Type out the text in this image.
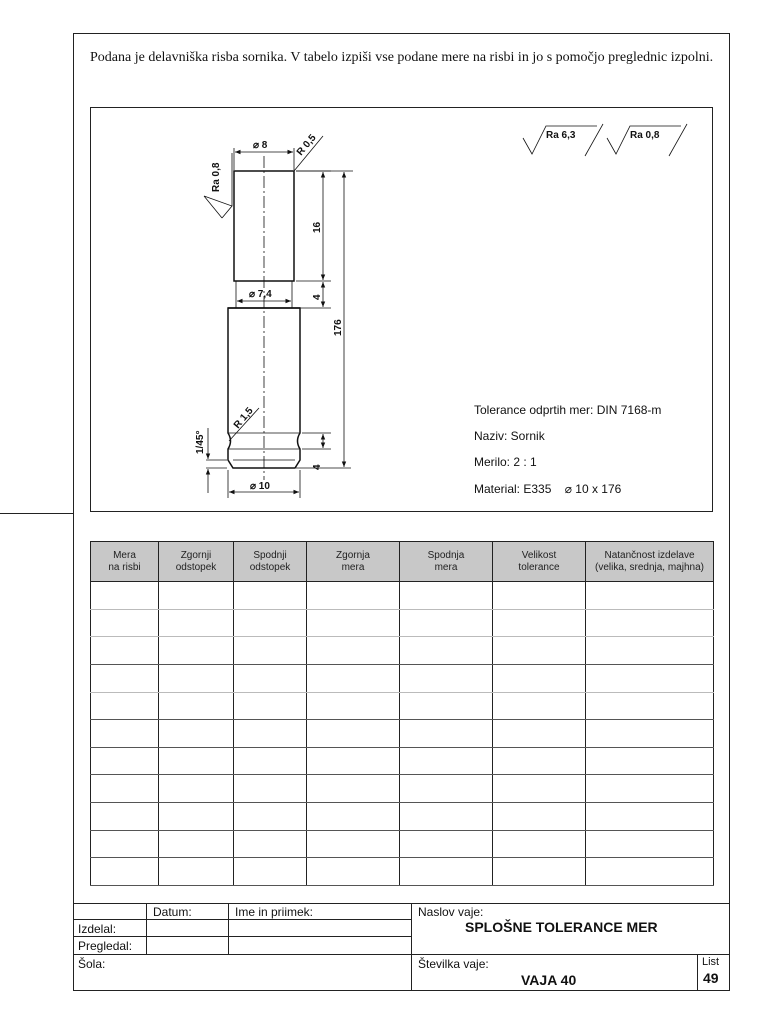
Podana je delavniška risba sornika. V tabelo izpiši vse podane mere na risbi in jo s pomočjo preglednic izpolni.
⌀ 8	R 0,5
Ra 0,8
16
4
⌀ 7,4
176
R 1,5
1/45°
4
⌀ 10
Ra 6,3	Ra 0,8
Tolerance odprtih mer: DIN 7168-m
Naziv: Sornik
Merilo: 2 : 1
Material: E335    ⌀ 10 x 176
Mera
na risbi	Zgornji
odstopek	Spodnji
odstopek	Zgornja
mera	Spodnja
mera	Velikost
tolerance	Natančnost izdelave
(velika, srednja, majhna)

Datum:	Ime in priimek:
Izdelal:
Pregledal:
Šola:
Naslov vaje:
SPLOŠNE TOLERANCE MER
Številka vaje:
VAJA 40
List
49
